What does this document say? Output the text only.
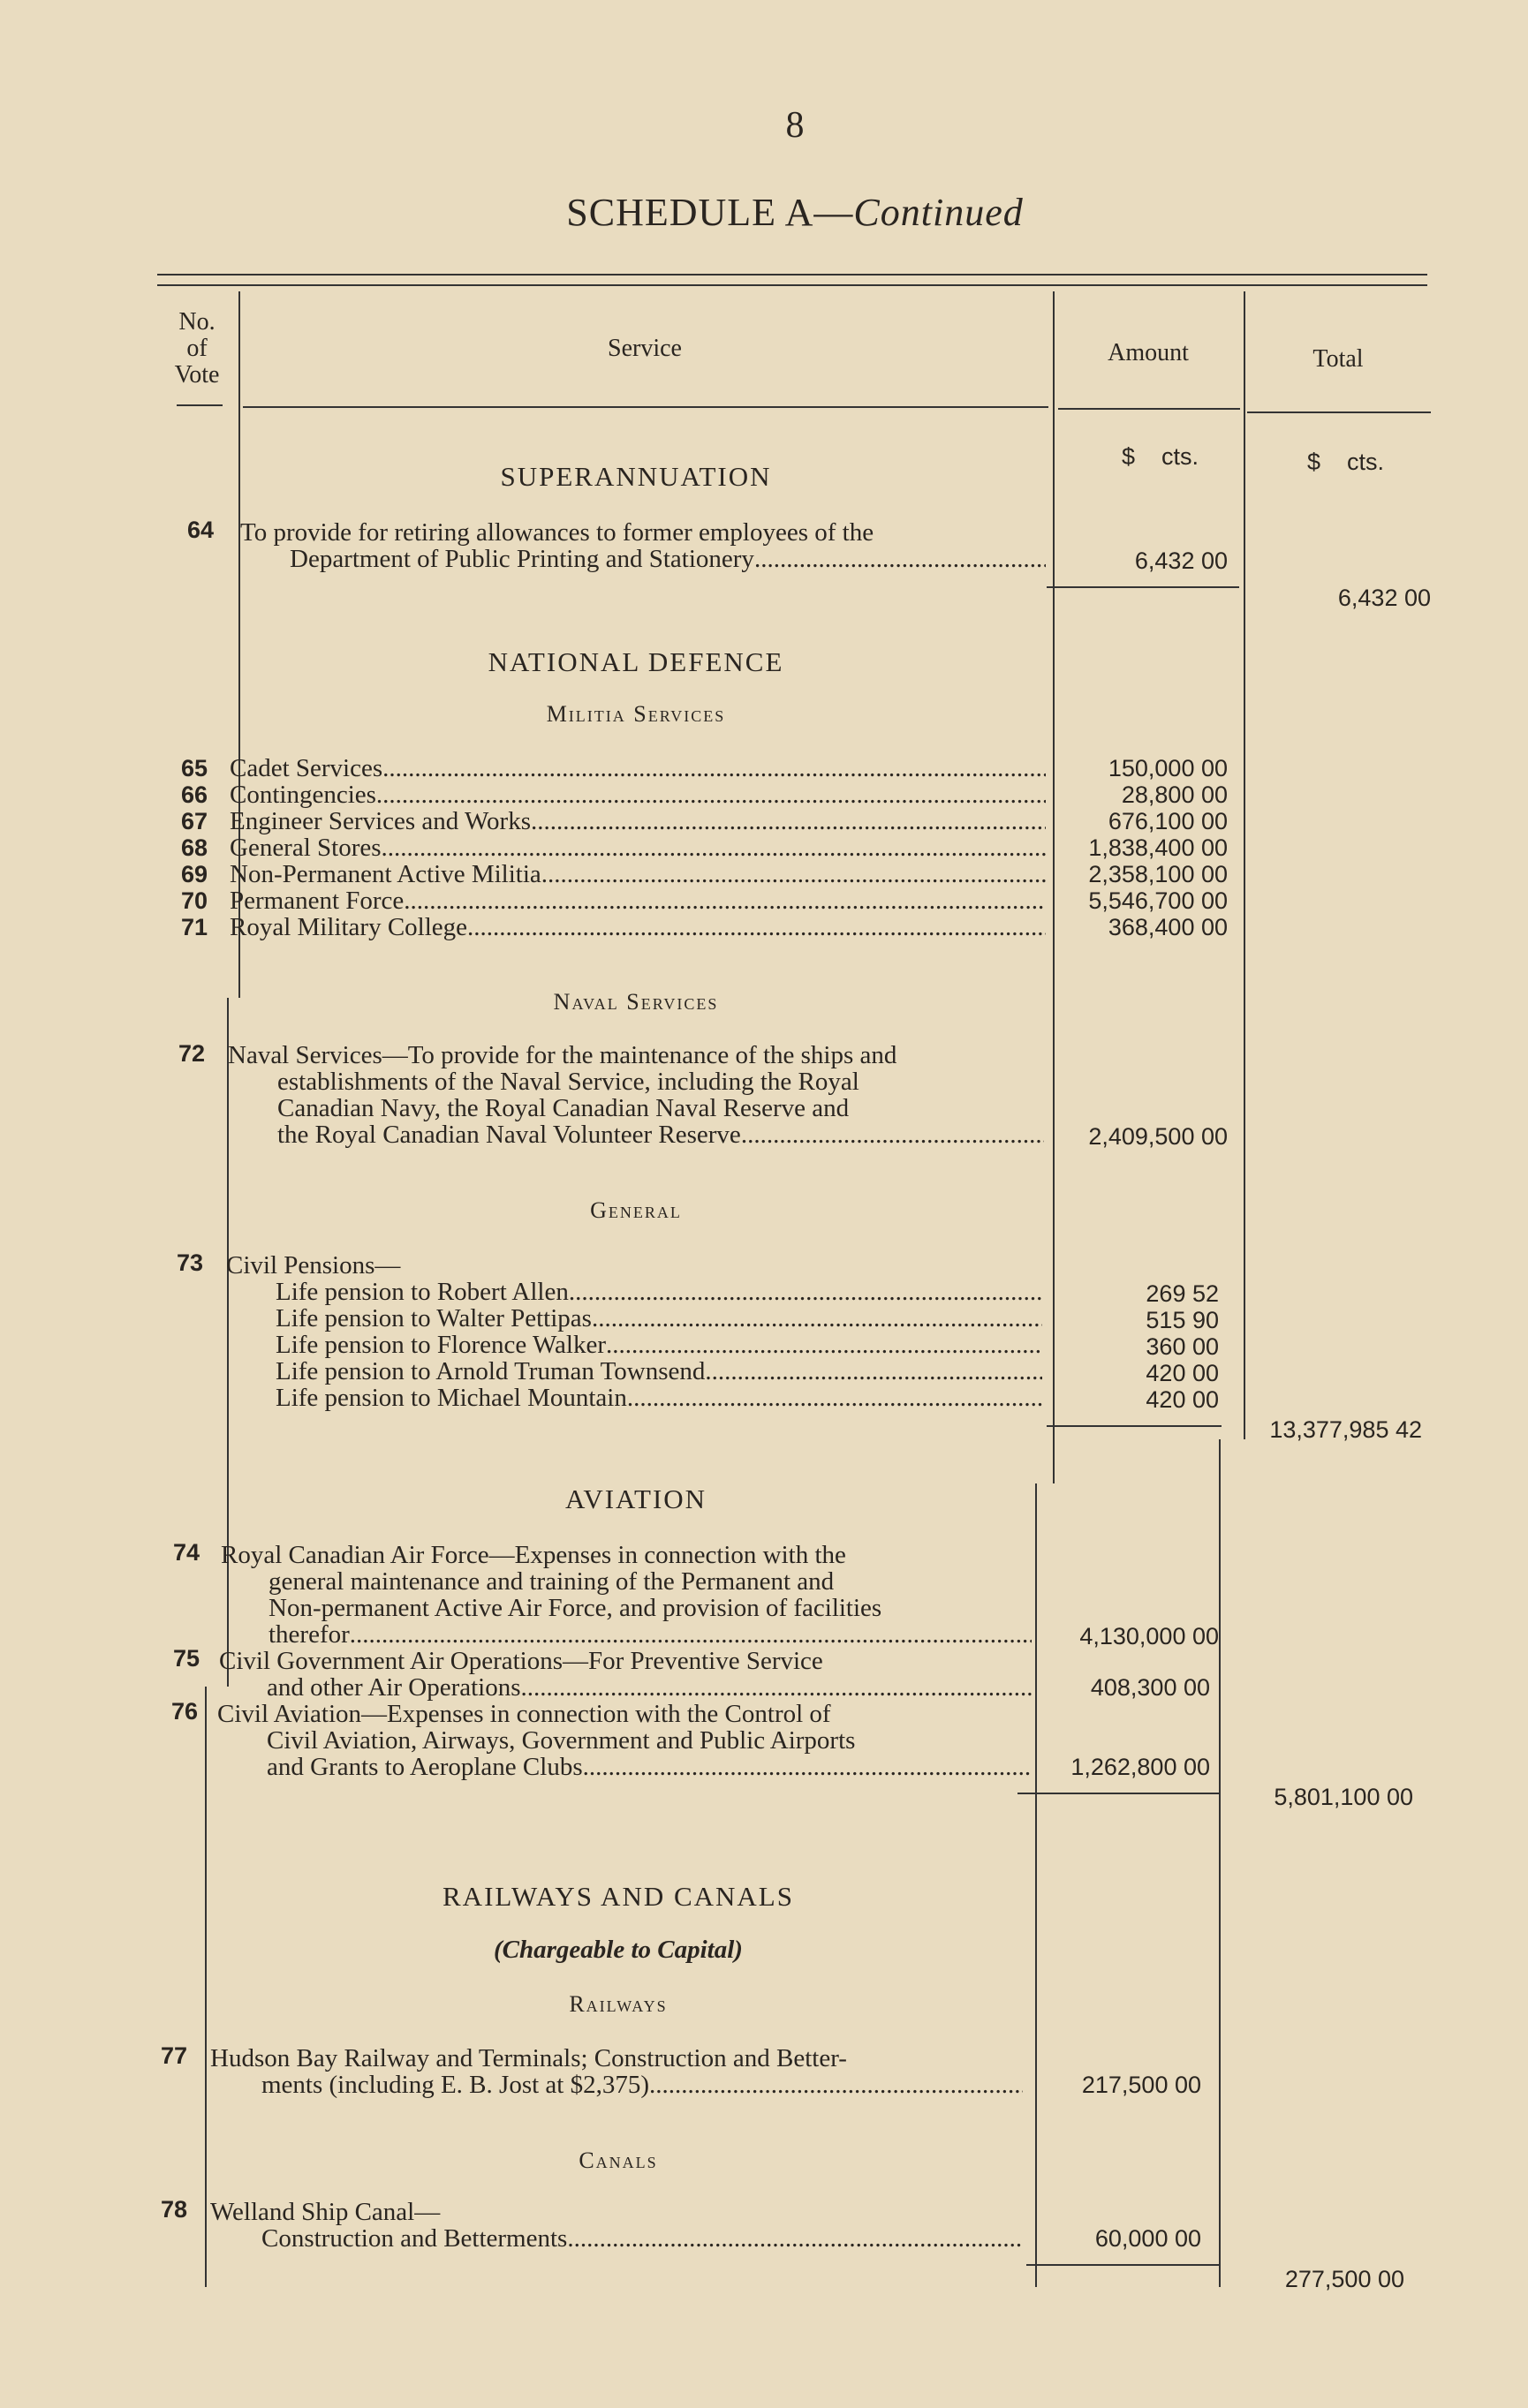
8
SCHEDULE A—Continued
No.
of
Vote
Service	Amount	Total
$ cts.	$ cts.
SUPERANNUATION
64 To provide for retiring allowances to former employees of the
Department of Public Printing and Stationery .....	6,432 00
6,432 00
NATIONAL DEFENCE
Militia Services
65 Cadet Services .....	150,000 00
66 Contingencies .....	28,800 00
67 Engineer Services and Works .....	676,100 00
68 General Stores .....	1,838,400 00
69 Non-Permanent Active Militia .....	2,358,100 00
70 Permanent Force .....	5,546,700 00
71 Royal Military College .....	368,400 00
Naval Services
72 Naval Services—To provide for the maintenance of the ships and
establishments of the Naval Service, including the Royal
Canadian Navy, the Royal Canadian Naval Reserve and
the Royal Canadian Naval Volunteer Reserve .....	2,409,500 00
General
73 Civil Pensions—
Life pension to Robert Allen .....	269 52
Life pension to Walter Pettipas .....	515 90
Life pension to Florence Walker .....	360 00
Life pension to Arnold Truman Townsend .....	420 00
Life pension to Michael Mountain .....	420 00
13,377,985 42
AVIATION
74 Royal Canadian Air Force—Expenses in connection with the
general maintenance and training of the Permanent and
Non-permanent Active Air Force, and provision of facilities
therefor .....	4,130,000 00
75 Civil Government Air Operations—For Preventive Service
and other Air Operations .....	408,300 00
76 Civil Aviation—Expenses in connection with the Control of
Civil Aviation, Airways, Government and Public Airports
and Grants to Aeroplane Clubs .....	1,262,800 00
5,801,100 00
RAILWAYS AND CANALS
(Chargeable to Capital)
Railways
77 Hudson Bay Railway and Terminals; Construction and Better-
ments (including E. B. Jost at $2,375) .....	217,500 00
Canals
78 Welland Ship Canal—
Construction and Betterments .....	60,000 00
277,500 00
